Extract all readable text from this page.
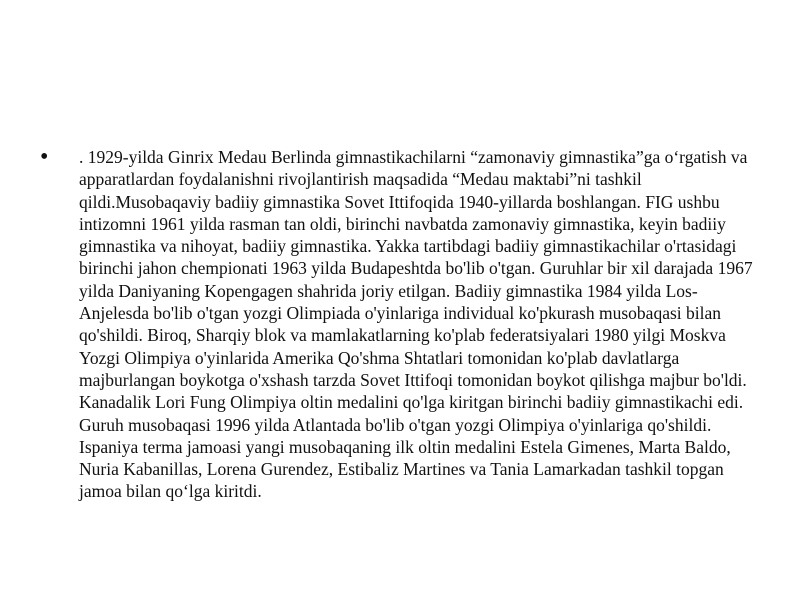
• . 1929-yilda Ginrix Medau Berlinda gimnastikachilarni “zamonaviy gimnastika”ga oʻrgatish va apparatlardan foydalanishni rivojlantirish maqsadida “Medau maktabi”ni tashkil qildi.Musobaqaviy badiiy gimnastika Sovet Ittifoqida 1940-yillarda boshlangan. FIG ushbu intizomni 1961 yilda rasman tan oldi, birinchi navbatda zamonaviy gimnastika, keyin badiiy gimnastika va nihoyat, badiiy gimnastika. Yakka tartibdagi badiiy gimnastikachilar o'rtasidagi birinchi jahon chempionati 1963 yilda Budapeshtda bo'lib o'tgan. Guruhlar bir xil darajada 1967 yilda Daniyaning Kopengagen shahrida joriy etilgan. Badiiy gimnastika 1984 yilda Los-Anjelesda bo'lib o'tgan yozgi Olimpiada o'yinlariga individual ko'pkurash musobaqasi bilan qo'shildi. Biroq, Sharqiy blok va mamlakatlarning ko'plab federatsiyalari 1980 yilgi Moskva Yozgi Olimpiya o'yinlarida Amerika Qo'shma Shtatlari tomonidan ko'plab davlatlarga majburlangan boykotga o'xshash tarzda Sovet Ittifoqi tomonidan boykot qilishga majbur bo'ldi. Kanadalik Lori Fung Olimpiya oltin medalini qo'lga kiritgan birinchi badiiy gimnastikachi edi. Guruh musobaqasi 1996 yilda Atlantada bo'lib o'tgan yozgi Olimpiya o'yinlariga qo'shildi. Ispaniya terma jamoasi yangi musobaqaning ilk oltin medalini Estela Gimenes, Marta Baldo, Nuria Kabanillas, Lorena Gurendez, Estibaliz Martines va Tania Lamarkadan tashkil topgan jamoa bilan qoʻlga kiritdi.
